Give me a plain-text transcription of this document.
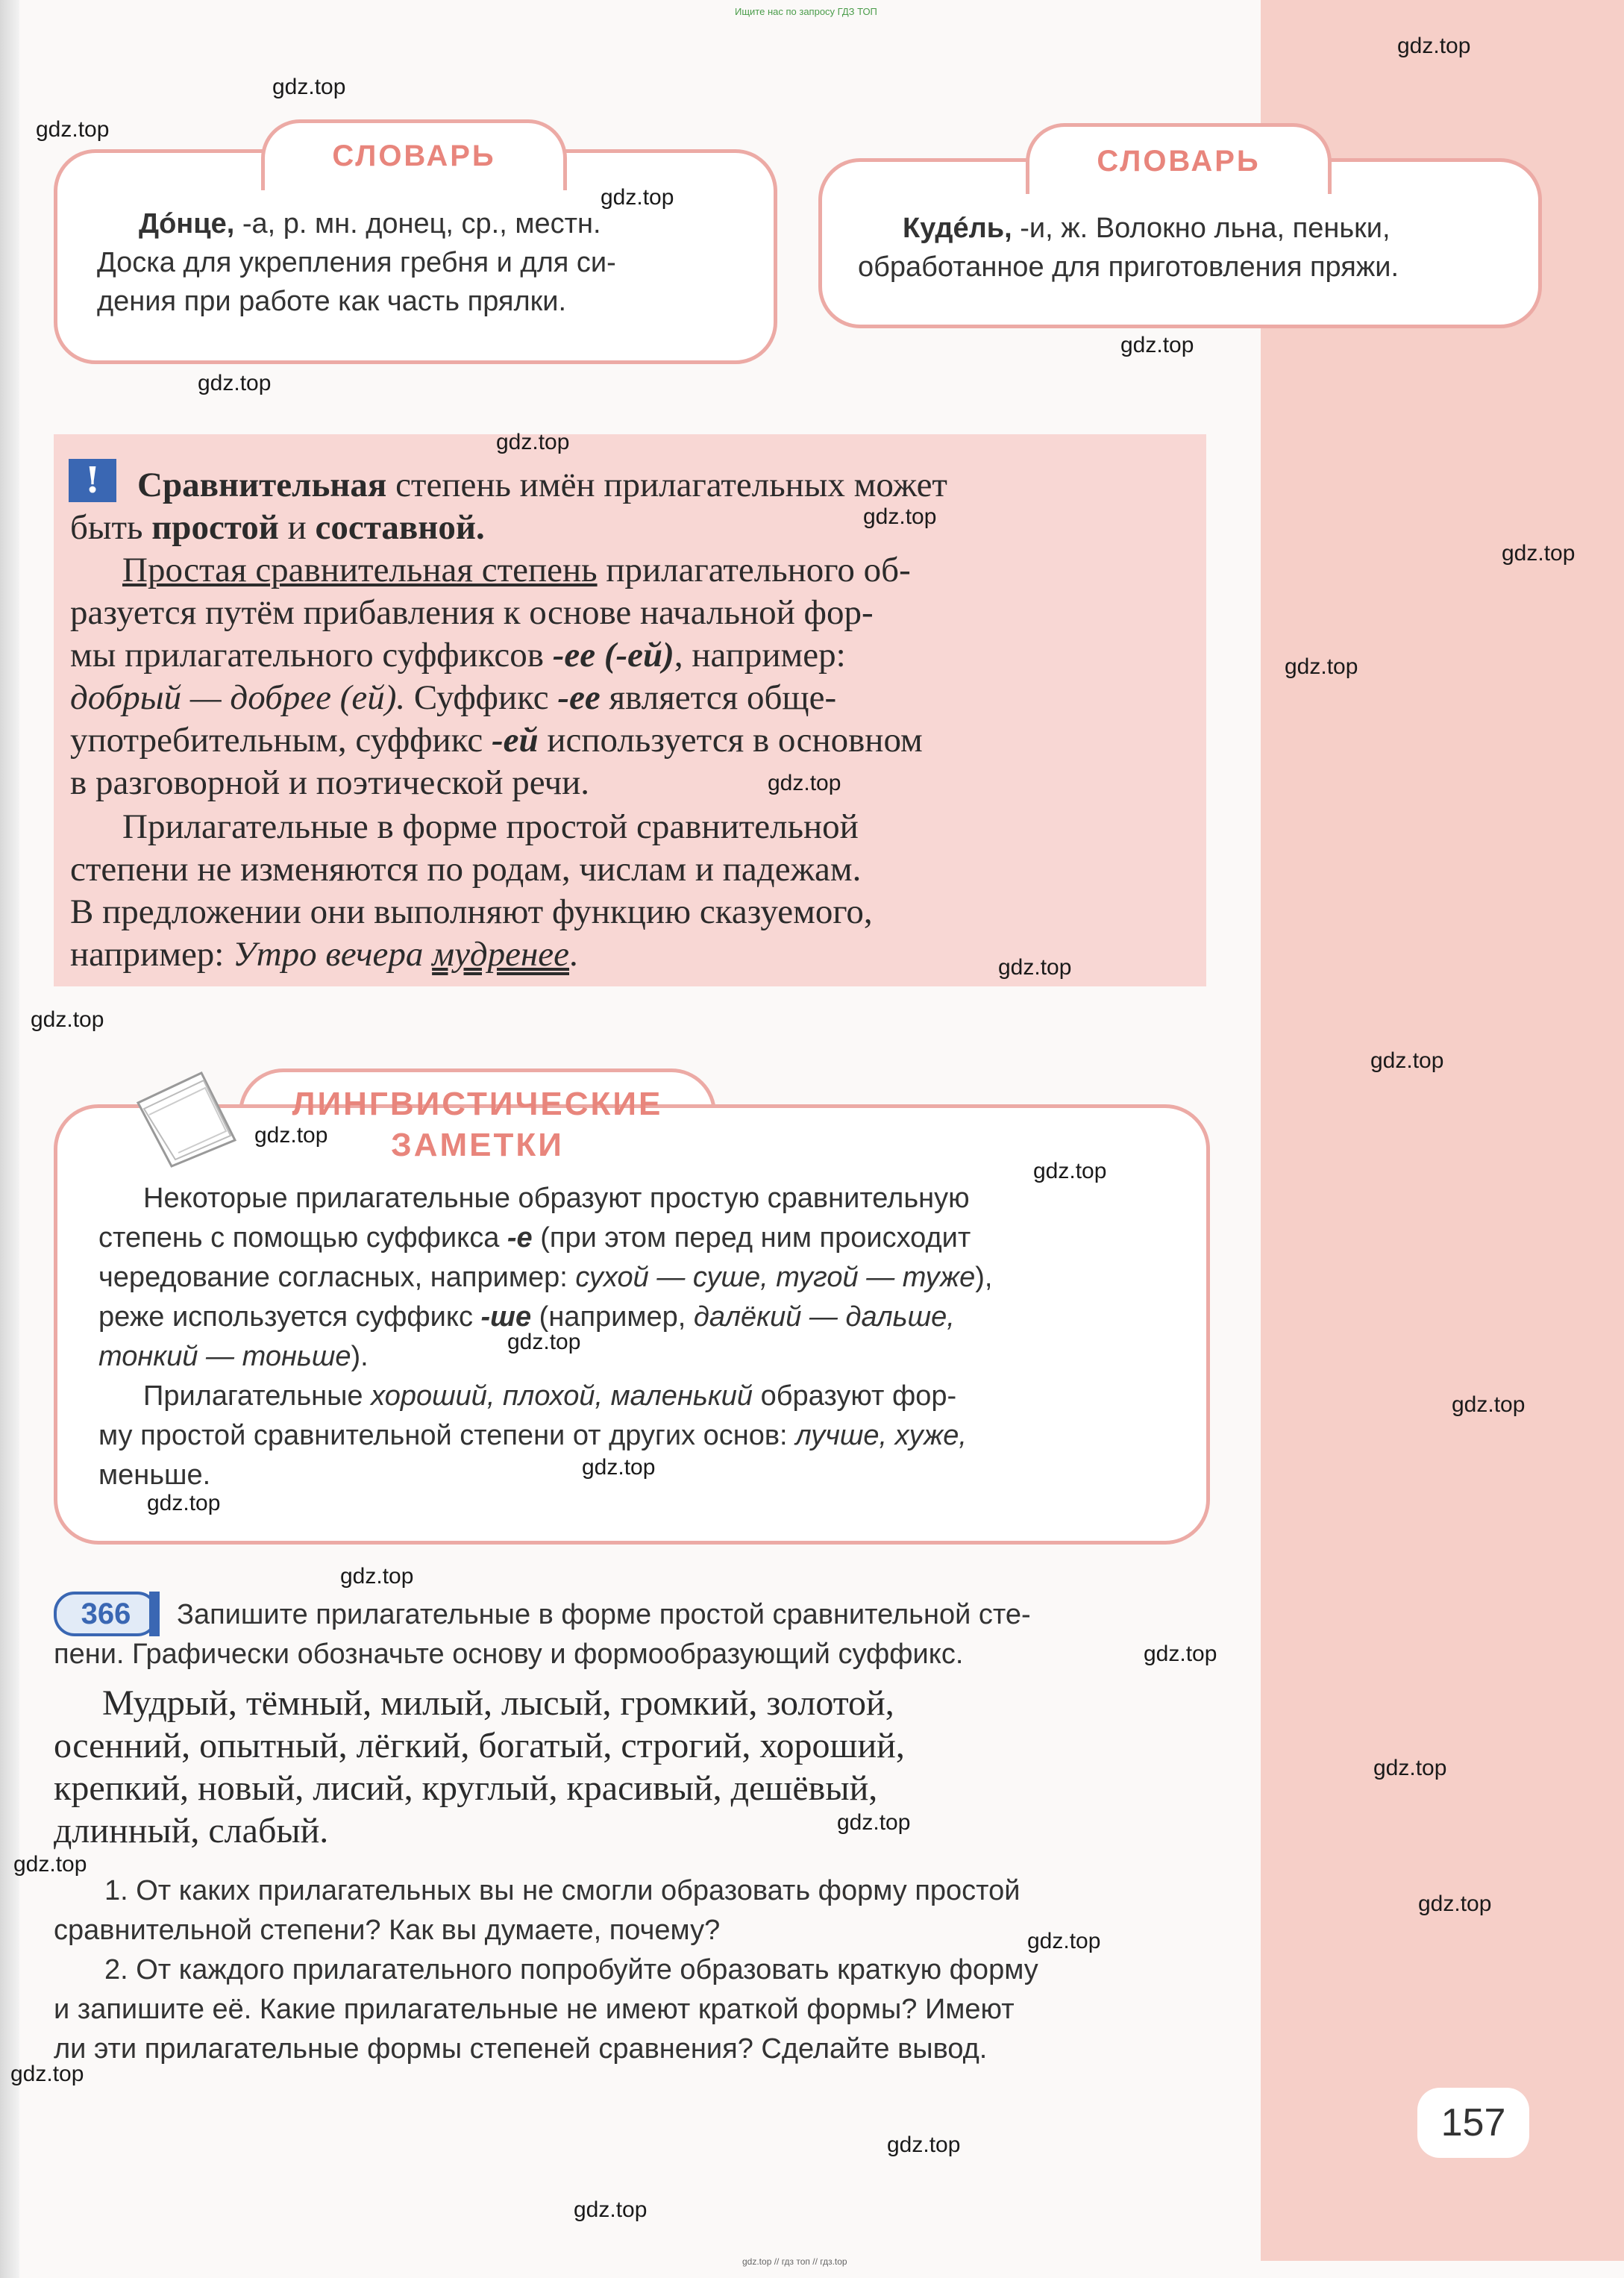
Ищите нас по запросу ГДЗ ТОП
СЛОВАРЬ
Дóнце, -а, р. мн. донец, ср., местн.
Доска для укрепления гребня и для си-
дения при работе как часть прялки.
СЛОВАРЬ
Кудéль, -и, ж. Волокно льна, пеньки,
обработанное для приготовления пряжи.
!	Сравнительная степень имён прилагательных может
быть простой и составной.
Простая сравнительная степень прилагательного об-
разуется путём прибавления к основе начальной фор-
мы прилагательного суффиксов -ее (-ей), например:
добрый — добрее (ей). Суффикс -ее является обще-
употребительным, суффикс -ей используется в основном
в разговорной и поэтической речи.
Прилагательные в форме простой сравнительной
степени не изменяются по родам, числам и падежам.
В предложении они выполняют функцию сказуемого,
например: Утро вечера мудренее.
ЛИНГВИСТИЧЕСКИЕ
ЗАМЕТКИ
Некоторые прилагательные образуют простую сравнительную
степень с помощью суффикса -е (при этом перед ним происходит
чередование согласных, например: сухой — суше, тугой — туже),
реже используется суффикс -ше (например, далёкий — дальше,
тонкий — тоньше).
Прилагательные хороший, плохой, маленький образуют фор-
му простой сравнительной степени от других основ: лучше, хуже,
меньше.
366	Запишите прилагательные в форме простой сравнительной сте-
пени. Графически обозначьте основу и формообразующий суффикс.
Мудрый, тёмный, милый, лысый, громкий, золотой,
осенний, опытный, лёгкий, богатый, строгий, хороший,
крепкий, новый, лисий, круглый, красивый, дешёвый,
длинный, слабый.
1. От каких прилагательных вы не смогли образовать форму простой
сравнительной степени? Как вы думаете, почему?
2. От каждого прилагательного попробуйте образовать краткую форму
и запишите её. Какие прилагательные не имеют краткой формы? Имеют
ли эти прилагательные формы степеней сравнения? Сделайте вывод.
157
gdz.top // гдз топ // гдз.top
gdz.top
gdz.top
gdz.top
gdz.top
gdz.top
gdz.top
gdz.top
gdz.top
gdz.top
gdz.top
gdz.top
gdz.top
gdz.top
gdz.top
gdz.top
gdz.top
gdz.top
gdz.top
gdz.top
gdz.top
gdz.top
gdz.top
gdz.top
gdz.top
gdz.top
gdz.top
gdz.top
gdz.top
gdz.top
gdz.top
